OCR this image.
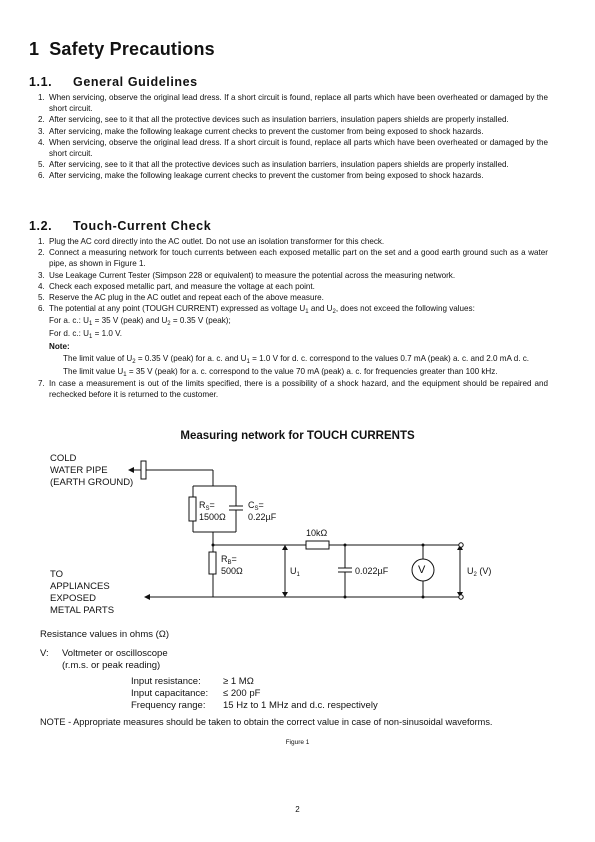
1 Safety Precautions
1.1. General Guidelines
1. When servicing, observe the original lead dress. If a short circuit is found, replace all parts which have been overheated or damaged by the short circuit.
2. After servicing, see to it that all the protective devices such as insulation barriers, insulation papers shields are properly installed.
3. After servicing, make the following leakage current checks to prevent the customer from being exposed to shock hazards.
4. When servicing, observe the original lead dress. If a short circuit is found, replace all parts which have been overheated or damaged by the short circuit.
5. After servicing, see to it that all the protective devices such as insulation barriers, insulation papers shields are properly installed.
6. After servicing, make the following leakage current checks to prevent the customer from being exposed to shock hazards.
1.2. Touch-Current Check
1. Plug the AC cord directly into the AC outlet. Do not use an isolation transformer for this check.
2. Connect a measuring network for touch currents between each exposed metallic part on the set and a good earth ground such as a water pipe, as shown in Figure 1.
3. Use Leakage Current Tester (Simpson 228 or equivalent) to measure the potential across the measuring network.
4. Check each exposed metallic part, and measure the voltage at each point.
5. Reserve the AC plug in the AC outlet and repeat each of the above measure.
6. The potential at any point (TOUGH CURRENT) expressed as voltage $U_1$ and $U_2$, does not exceed the following values:
For a. c.: $U_1 = 35$ V (peak) and $U_2 = 0.35$ V (peak);
For d. c.: $U_1 = 1.0$ V.
Note:
The limit value of $U_2 = 0.35$ V (peak) for a. c. and $U_1 = 1.0$ V for d. c. correspond to the values 0.7 mA (peak) a. c. and 2.0 mA d. c.
The limit value $U_1 = 35$ V (peak) for a. c. correspond to the value 70 mA (peak) a. c. for frequencies greater than 100 kHz.
7. In case a measurement is out of the limits specified, there is a possibility of a shock hazard, and the equipment should be repaired and rechecked before it is returned to the customer.
Measuring network for TOUCH CURRENTS
COLD
WATER PIPE
(EARTH GROUND)
TO
APPLIANCES
EXPOSED
METAL PARTS
$R_S=$
1500Ω
$C_S=$
0.22µF
$R_B=$
500Ω
10kΩ
$U_1$	0.022µF	V	$U_2$ (V)
Resistance values in ohms (Ω)
V: Voltmeter or oscilloscope
(r.m.s. or peak reading)
Input resistance: ≥ 1 MΩ
Input capacitance: ≤ 200 pF
Frequency range: 15 Hz to 1 MHz and d.c. respectively
NOTE - Appropriate measures should be taken to obtain the correct value in case of non-sinusoidal waveforms.
Figure 1
2
